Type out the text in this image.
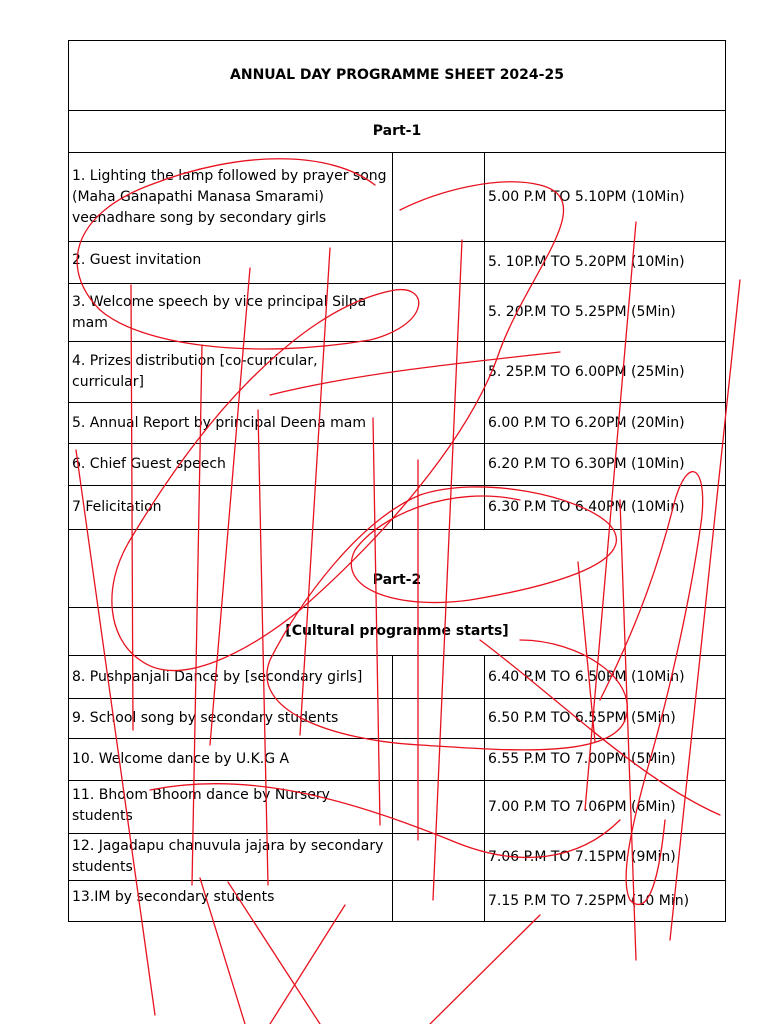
ANNUAL DAY PROGRAMME SHEET 2024-25		
Part-1		
1. Lighting the lamp followed by prayer song
(Maha Ganapathi Manasa Smarami)
veenadhare song by secondary girls		5.00 P.M TO 5.10PM (10Min)
2. Guest invitation		5. 10P.M TO 5.20PM (10Min)
3. Welcome speech by vice principal Silpa
mam		5. 20P.M TO 5.25PM (5Min)
4. Prizes distribution [co-curricular, curricular]		5. 25P.M TO 6.00PM (25Min)
5. Annual Report by principal Deena mam		6.00 P.M TO 6.20PM (20Min)
6. Chief Guest speech		6.20 P.M TO 6.30PM (10Min)
7 Felicitation		6.30 P.M TO 6.40PM (10Min)
Part-2		
[Cultural programme starts]		
8. Pushpanjali Dance by [secondary girls]		6.40 P.M TO 6.50PM (10Min)
9. School song by secondary students		6.50 P.M TO 6.55PM (5Min)
10. Welcome dance by U.K.G A		6.55 P.M TO 7.00PM (5Min)
11. Bhoom Bhoom dance by Nursery students		7.00 P.M TO 7.06PM (6Min)
12. Jagadapu chanuvula jajara by secondary
students		7.06 P.M TO 7.15PM (9Min)
13.IM by secondary students		7.15 P.M TO 7.25PM (10 Min)
